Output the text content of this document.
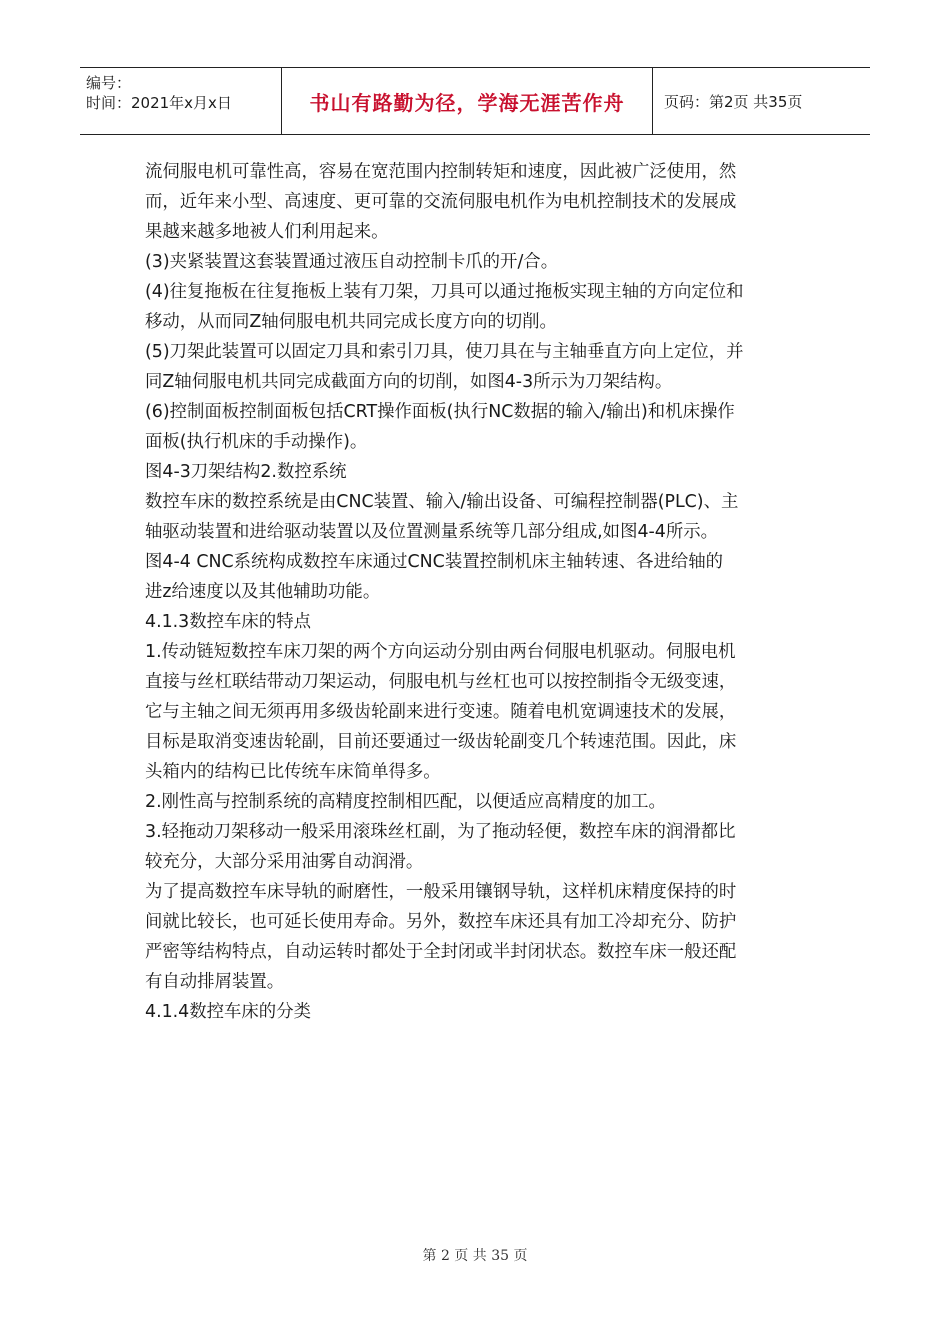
编号：
时间：2021年x月x日	书山有路勤为径，学海无涯苦作舟	页码：第2页 共35页
流伺服电机可靠性高，容易在宽范围内控制转矩和速度，因此被广泛使用，然
而，近年来小型、高速度、更可靠的交流伺服电机作为电机控制技术的发展成
果越来越多地被人们利用起来。
(3)夹紧装置这套装置通过液压自动控制卡爪的开/合。
(4)往复拖板在往复拖板上装有刀架，刀具可以通过拖板实现主轴的方向定位和
移动，从而同Z轴伺服电机共同完成长度方向的切削。
(5)刀架此装置可以固定刀具和索引刀具，使刀具在与主轴垂直方向上定位，并
同Z轴伺服电机共同完成截面方向的切削，如图4-3所示为刀架结构。
(6)控制面板控制面板包括CRT操作面板(执行NC数据的输入/输出)和机床操作
面板(执行机床的手动操作)。
图4-3刀架结构2.数控系统
数控车床的数控系统是由CNC装置、输入/输出设备、可编程控制器(PLC)、主
轴驱动装置和进给驱动装置以及位置测量系统等几部分组成,如图4-4所示。
图4-4 CNC系统构成数控车床通过CNC装置控制机床主轴转速、各进给轴的
进z给速度以及其他辅助功能。
4.1.3数控车床的特点
1.传动链短数控车床刀架的两个方向运动分别由两台伺服电机驱动。伺服电机
直接与丝杠联结带动刀架运动，伺服电机与丝杠也可以按控制指令无级变速，
它与主轴之间无须再用多级齿轮副来进行变速。随着电机宽调速技术的发展，
目标是取消变速齿轮副，目前还要通过一级齿轮副变几个转速范围。因此，床
头箱内的结构已比传统车床简单得多。
2.刚性高与控制系统的高精度控制相匹配，以便适应高精度的加工。
3.轻拖动刀架移动一般采用滚珠丝杠副，为了拖动轻便，数控车床的润滑都比
较充分，大部分采用油雾自动润滑。
为了提高数控车床导轨的耐磨性，一般采用镶钢导轨，这样机床精度保持的时
间就比较长，也可延长使用寿命。另外，数控车床还具有加工冷却充分、防护
严密等结构特点，自动运转时都处于全封闭或半封闭状态。数控车床一般还配
有自动排屑装置。
4.1.4数控车床的分类
第 2 页 共 35 页
